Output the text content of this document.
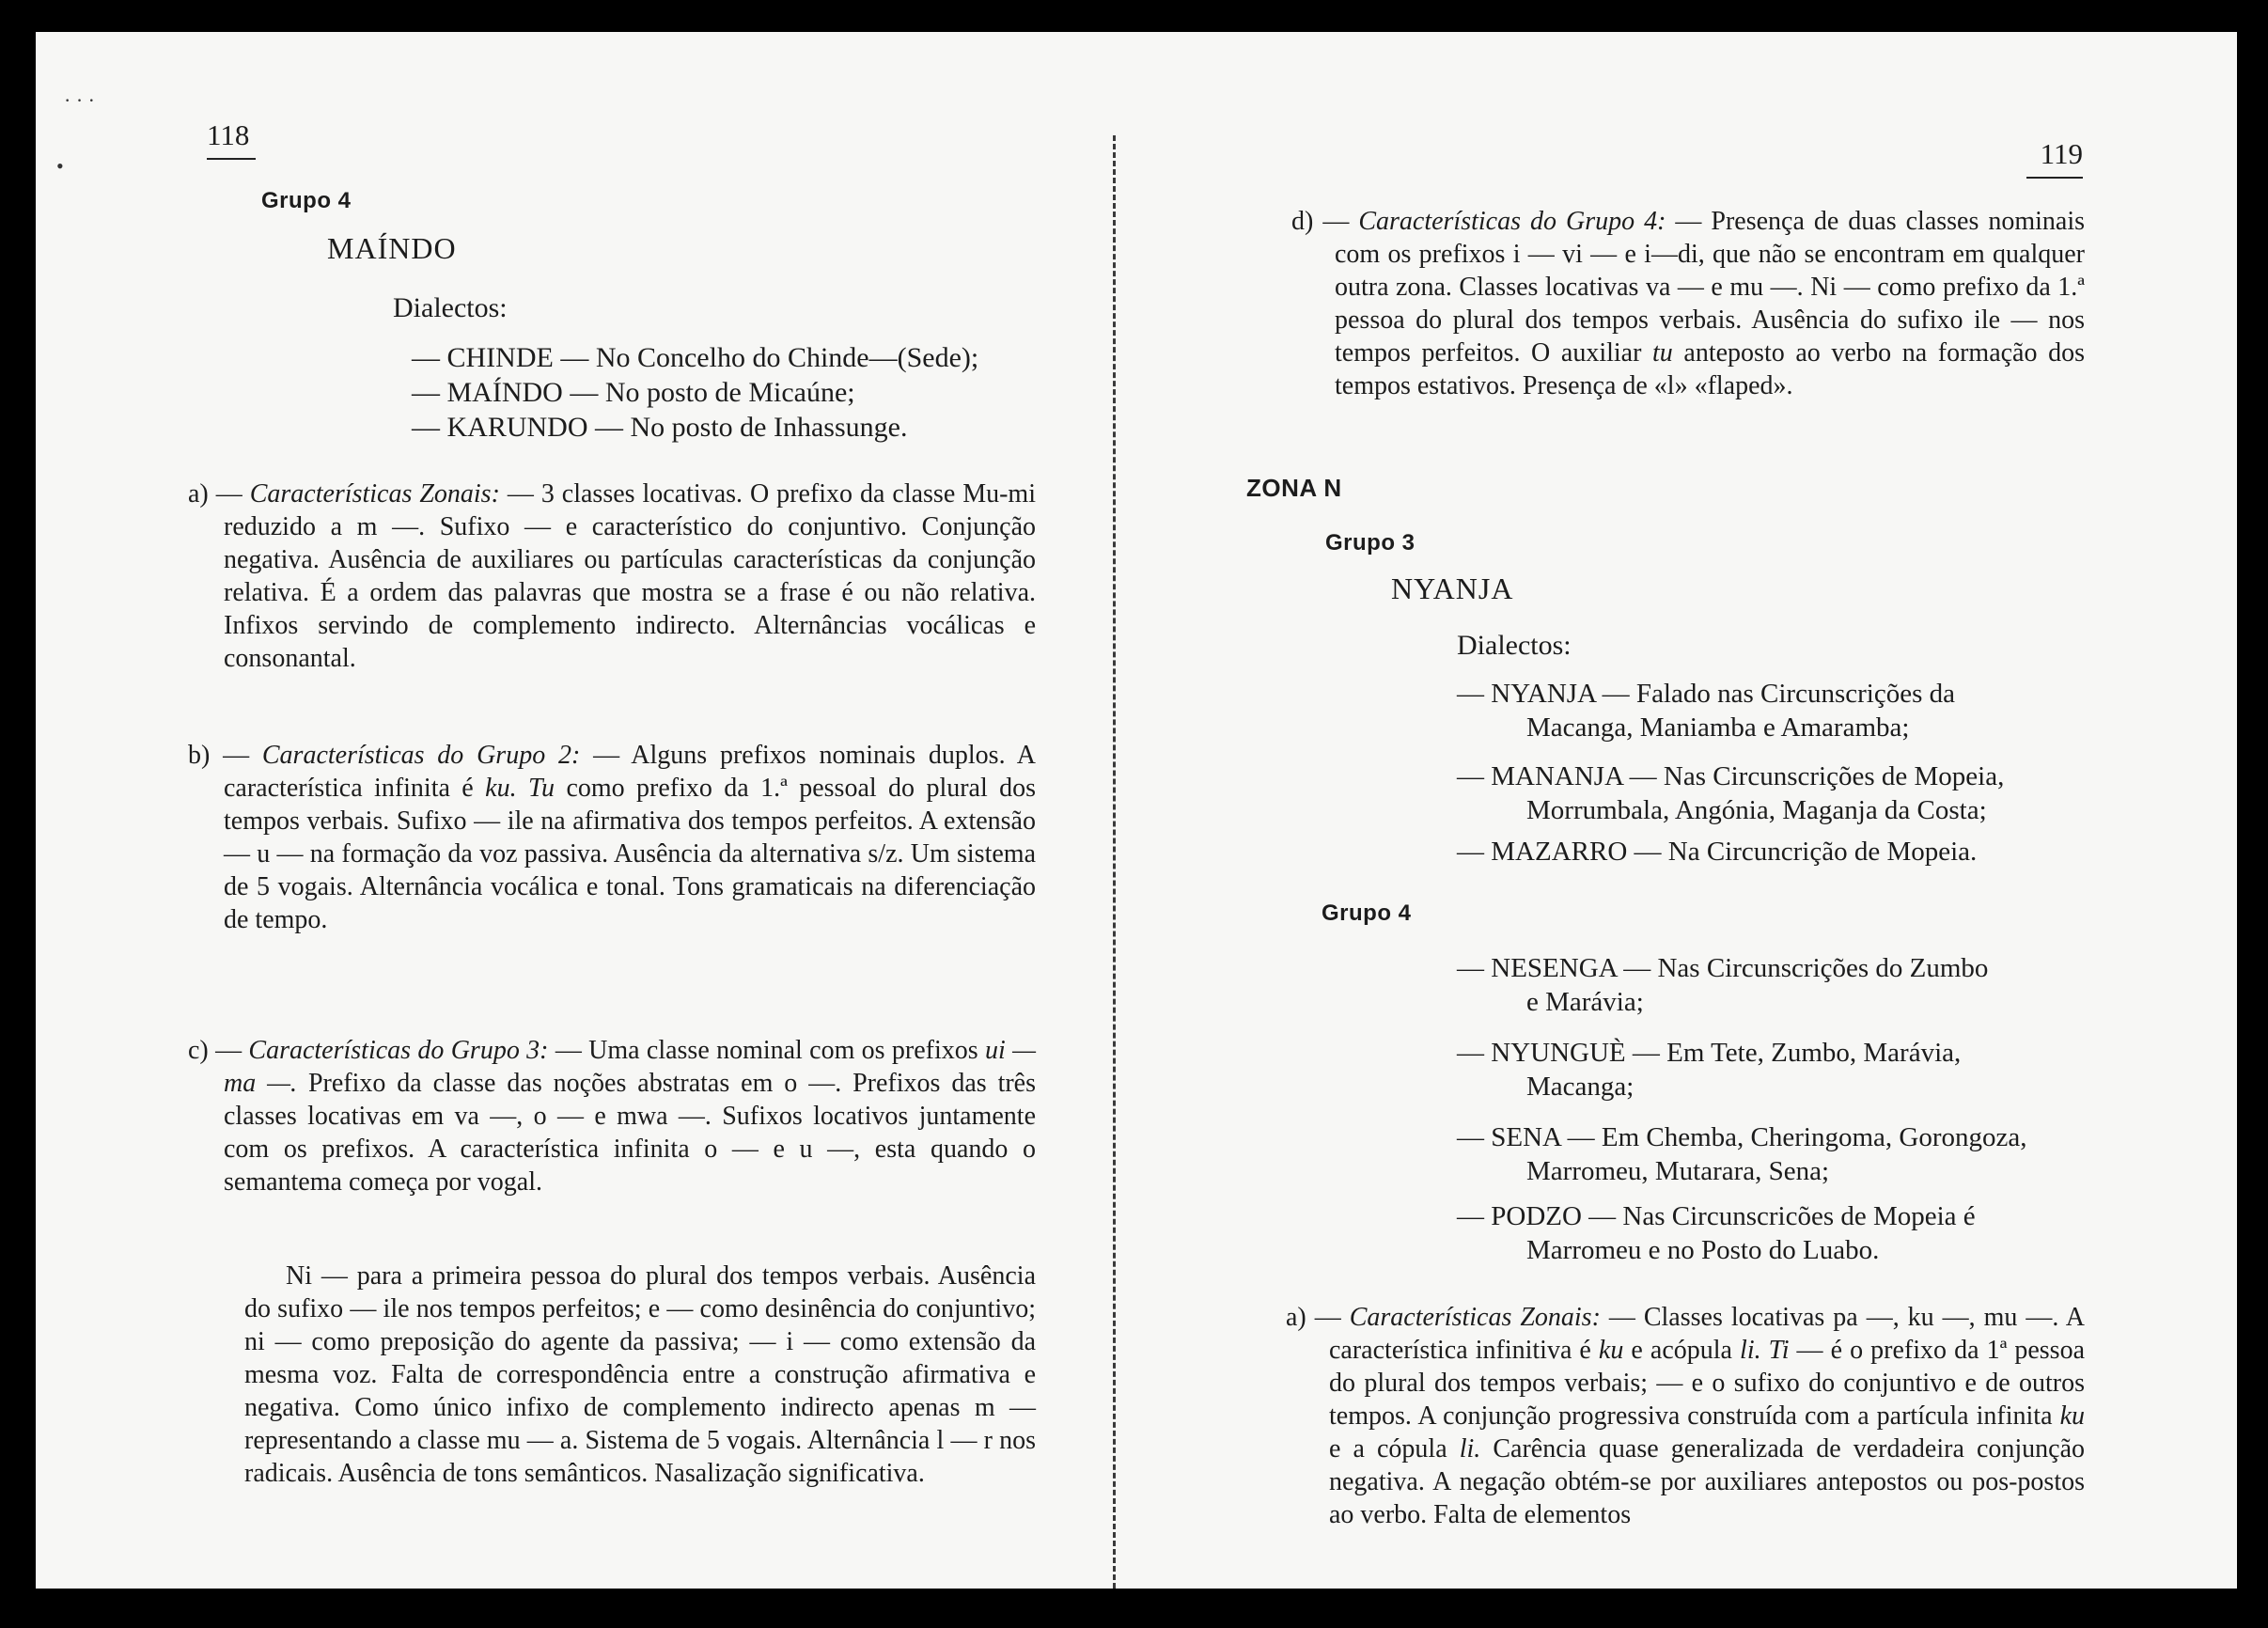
· · ·
•
118
Grupo 4
MAÍNDO
Dialectos:
— CHINDE — No Concelho do Chinde—(Sede);
— MAÍNDO — No posto de Micaúne;
— KARUNDO — No posto de Inhassunge.
a) — Características Zonais: — 3 classes locativas. O prefixo da classe Mu-mi reduzido a m —. Sufixo — e característico do conjuntivo. Conjunção negativa. Ausência de auxiliares ou partículas características da conjunção relativa. É a ordem das palavras que mostra se a frase é ou não relativa. Infixos servindo de complemento indirecto. Alternâncias vocálicas e consonantal.
b) — Características do Grupo 2: — Alguns prefixos nominais duplos. A característica infinita é ku. Tu como prefixo da 1.ª pessoal do plural dos tempos verbais. Sufixo — ile na afirmativa dos tempos perfeitos. A extensão — u — na formação da voz passiva. Ausência da alternativa s/z. Um sistema de 5 vogais. Alternância vocálica e tonal. Tons gramaticais na diferenciação de tempo.
c) — Características do Grupo 3: — Uma classe nominal com os prefixos ui — ma —. Prefixo da classe das noções abstratas em o —. Prefixos das três classes locativas em va —, o — e mwa —. Sufixos locativos juntamente com os prefixos. A característica infinita o — e u —, esta quando o semantema começa por vogal.
Ni — para a primeira pessoa do plural dos tempos verbais. Ausência do sufixo — ile nos tempos perfeitos; e — como desinência do conjuntivo; ni — como preposição do agente da passiva; — i — como extensão da mesma voz. Falta de correspondência entre a construção afirmativa e negativa. Como único infixo de complemento indirecto apenas m — representando a classe mu — a. Sistema de 5 vogais. Alternância l — r nos radicais. Ausência de tons semânticos. Nasalização significativa.
119
d) — Características do Grupo 4: — Presença de duas classes nominais com os prefixos i — vi — e i—di, que não se encontram em qualquer outra zona. Classes locativas va — e mu —. Ni — como prefixo da 1.ª pessoa do plural dos tempos verbais. Ausência do sufixo ile — nos tempos perfeitos. O auxiliar tu anteposto ao verbo na formação dos tempos estativos. Presença de «l» «flaped».
ZONA N
Grupo 3
NYANJA
Dialectos:
— NYANJA — Falado nas Circunscrições da
Macanga, Maniamba e Amaramba;
— MANANJA — Nas Circunscrições de Mopeia,
Morrumbala, Angónia, Maganja da Costa;
— MAZARRO — Na Circuncrição de Mopeia.
Grupo 4
— NESENGA — Nas Circunscrições do Zumbo
e Marávia;
— NYUNGUÈ — Em Tete, Zumbo, Marávia,
Macanga;
— SENA — Em Chemba, Cheringoma, Gorongoza, Marromeu, Mutarara, Sena;
— PODZO — Nas Circunscricões de Mopeia é
Marromeu e no Posto do Luabo.
a) — Características Zonais: — Classes locativas pa —, ku —, mu —. A característica infinitiva é ku e acópula li. Ti — é o prefixo da 1ª pessoa do plural dos tempos verbais; — e o sufixo do conjuntivo e de outros tempos. A conjunção progressiva construída com a partícula infinita ku e a cópula li. Carência quase generalizada de verdadeira conjunção negativa. A negação obtém-se por auxiliares antepostos ou pos-postos ao verbo. Falta de elementos
